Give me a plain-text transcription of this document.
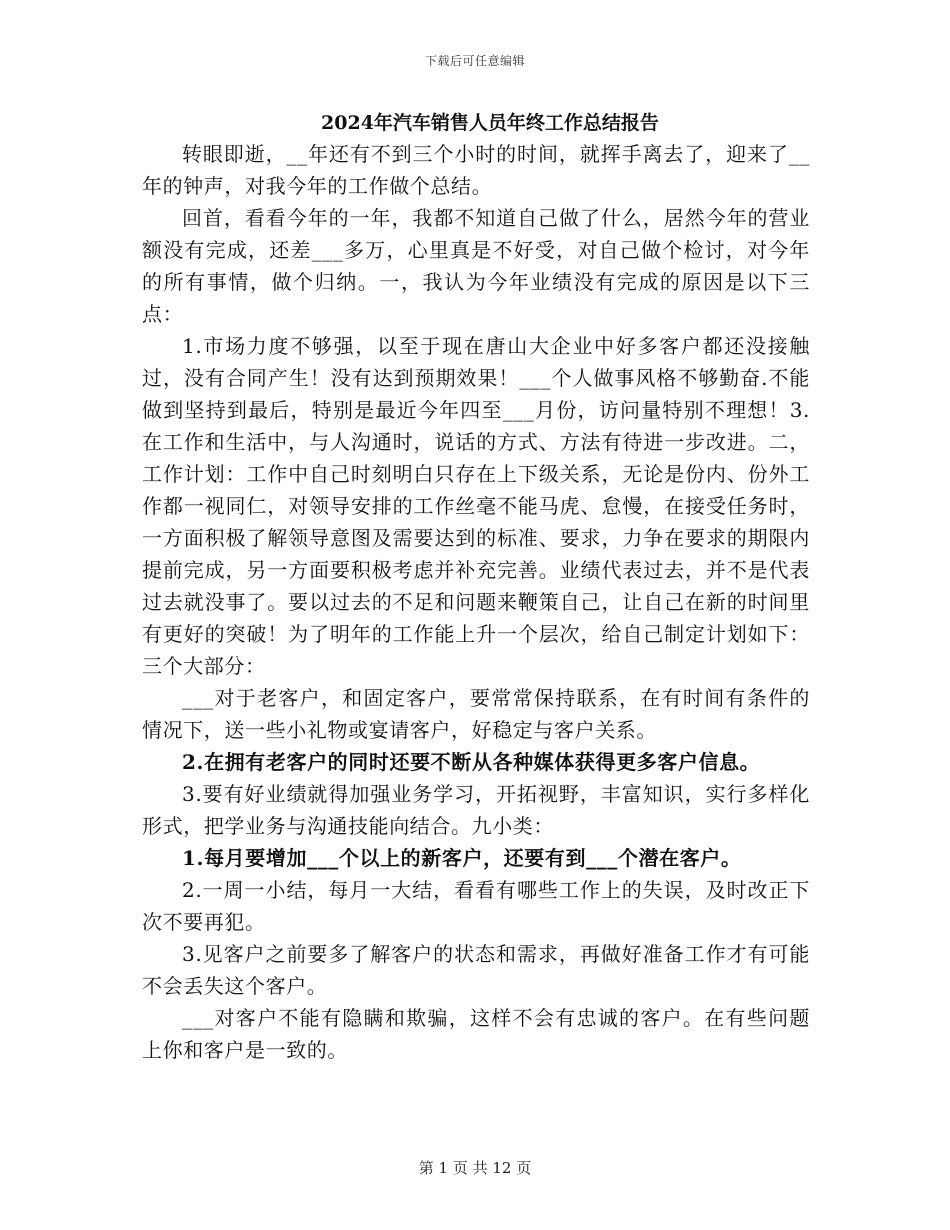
下载后可任意编辑
2024年汽车销售人员年终工作总结报告

转眼即逝，__年还有不到三个小时的时间，就挥手离去了，迎来了__年的钟声，对我今年的工作做个总结。

回首，看看今年的一年，我都不知道自己做了什么，居然今年的营业额没有完成，还差___多万，心里真是不好受，对自己做个检讨，对今年的所有事情，做个归纳。一，我认为今年业绩没有完成的原因是以下三点：

1.市场力度不够强，以至于现在唐山大企业中好多客户都还没接触过，没有合同产生！没有达到预期效果！___个人做事风格不够勤奋.不能做到坚持到最后，特别是最近今年四至___月份，访问量特别不理想！3.在工作和生活中，与人沟通时，说话的方式、方法有待进一步改进。二，工作计划：工作中自己时刻明白只存在上下级关系，无论是份内、份外工作都一视同仁，对领导安排的工作丝毫不能马虎、怠慢，在接受任务时，一方面积极了解领导意图及需要达到的标准、要求，力争在要求的期限内提前完成，另一方面要积极考虑并补充完善。业绩代表过去，并不是代表过去就没事了。要以过去的不足和问题来鞭策自己，让自己在新的时间里有更好的突破！为了明年的工作能上升一个层次，给自己制定计划如下：三个大部分：

___对于老客户，和固定客户，要常常保持联系，在有时间有条件的情况下，送一些小礼物或宴请客户，好稳定与客户关系。

2.在拥有老客户的同时还要不断从各种媒体获得更多客户信息。

3.要有好业绩就得加强业务学习，开拓视野，丰富知识，实行多样化形式，把学业务与沟通技能向结合。九小类：

1.每月要增加___个以上的新客户，还要有到___个潜在客户。

2.一周一小结，每月一大结，看看有哪些工作上的失误，及时改正下次不要再犯。

3.见客户之前要多了解客户的状态和需求，再做好准备工作才有可能不会丢失这个客户。

___对客户不能有隐瞒和欺骗，这样不会有忠诚的客户。在有些问题上你和客户是一致的。

第 1 页 共 12 页
